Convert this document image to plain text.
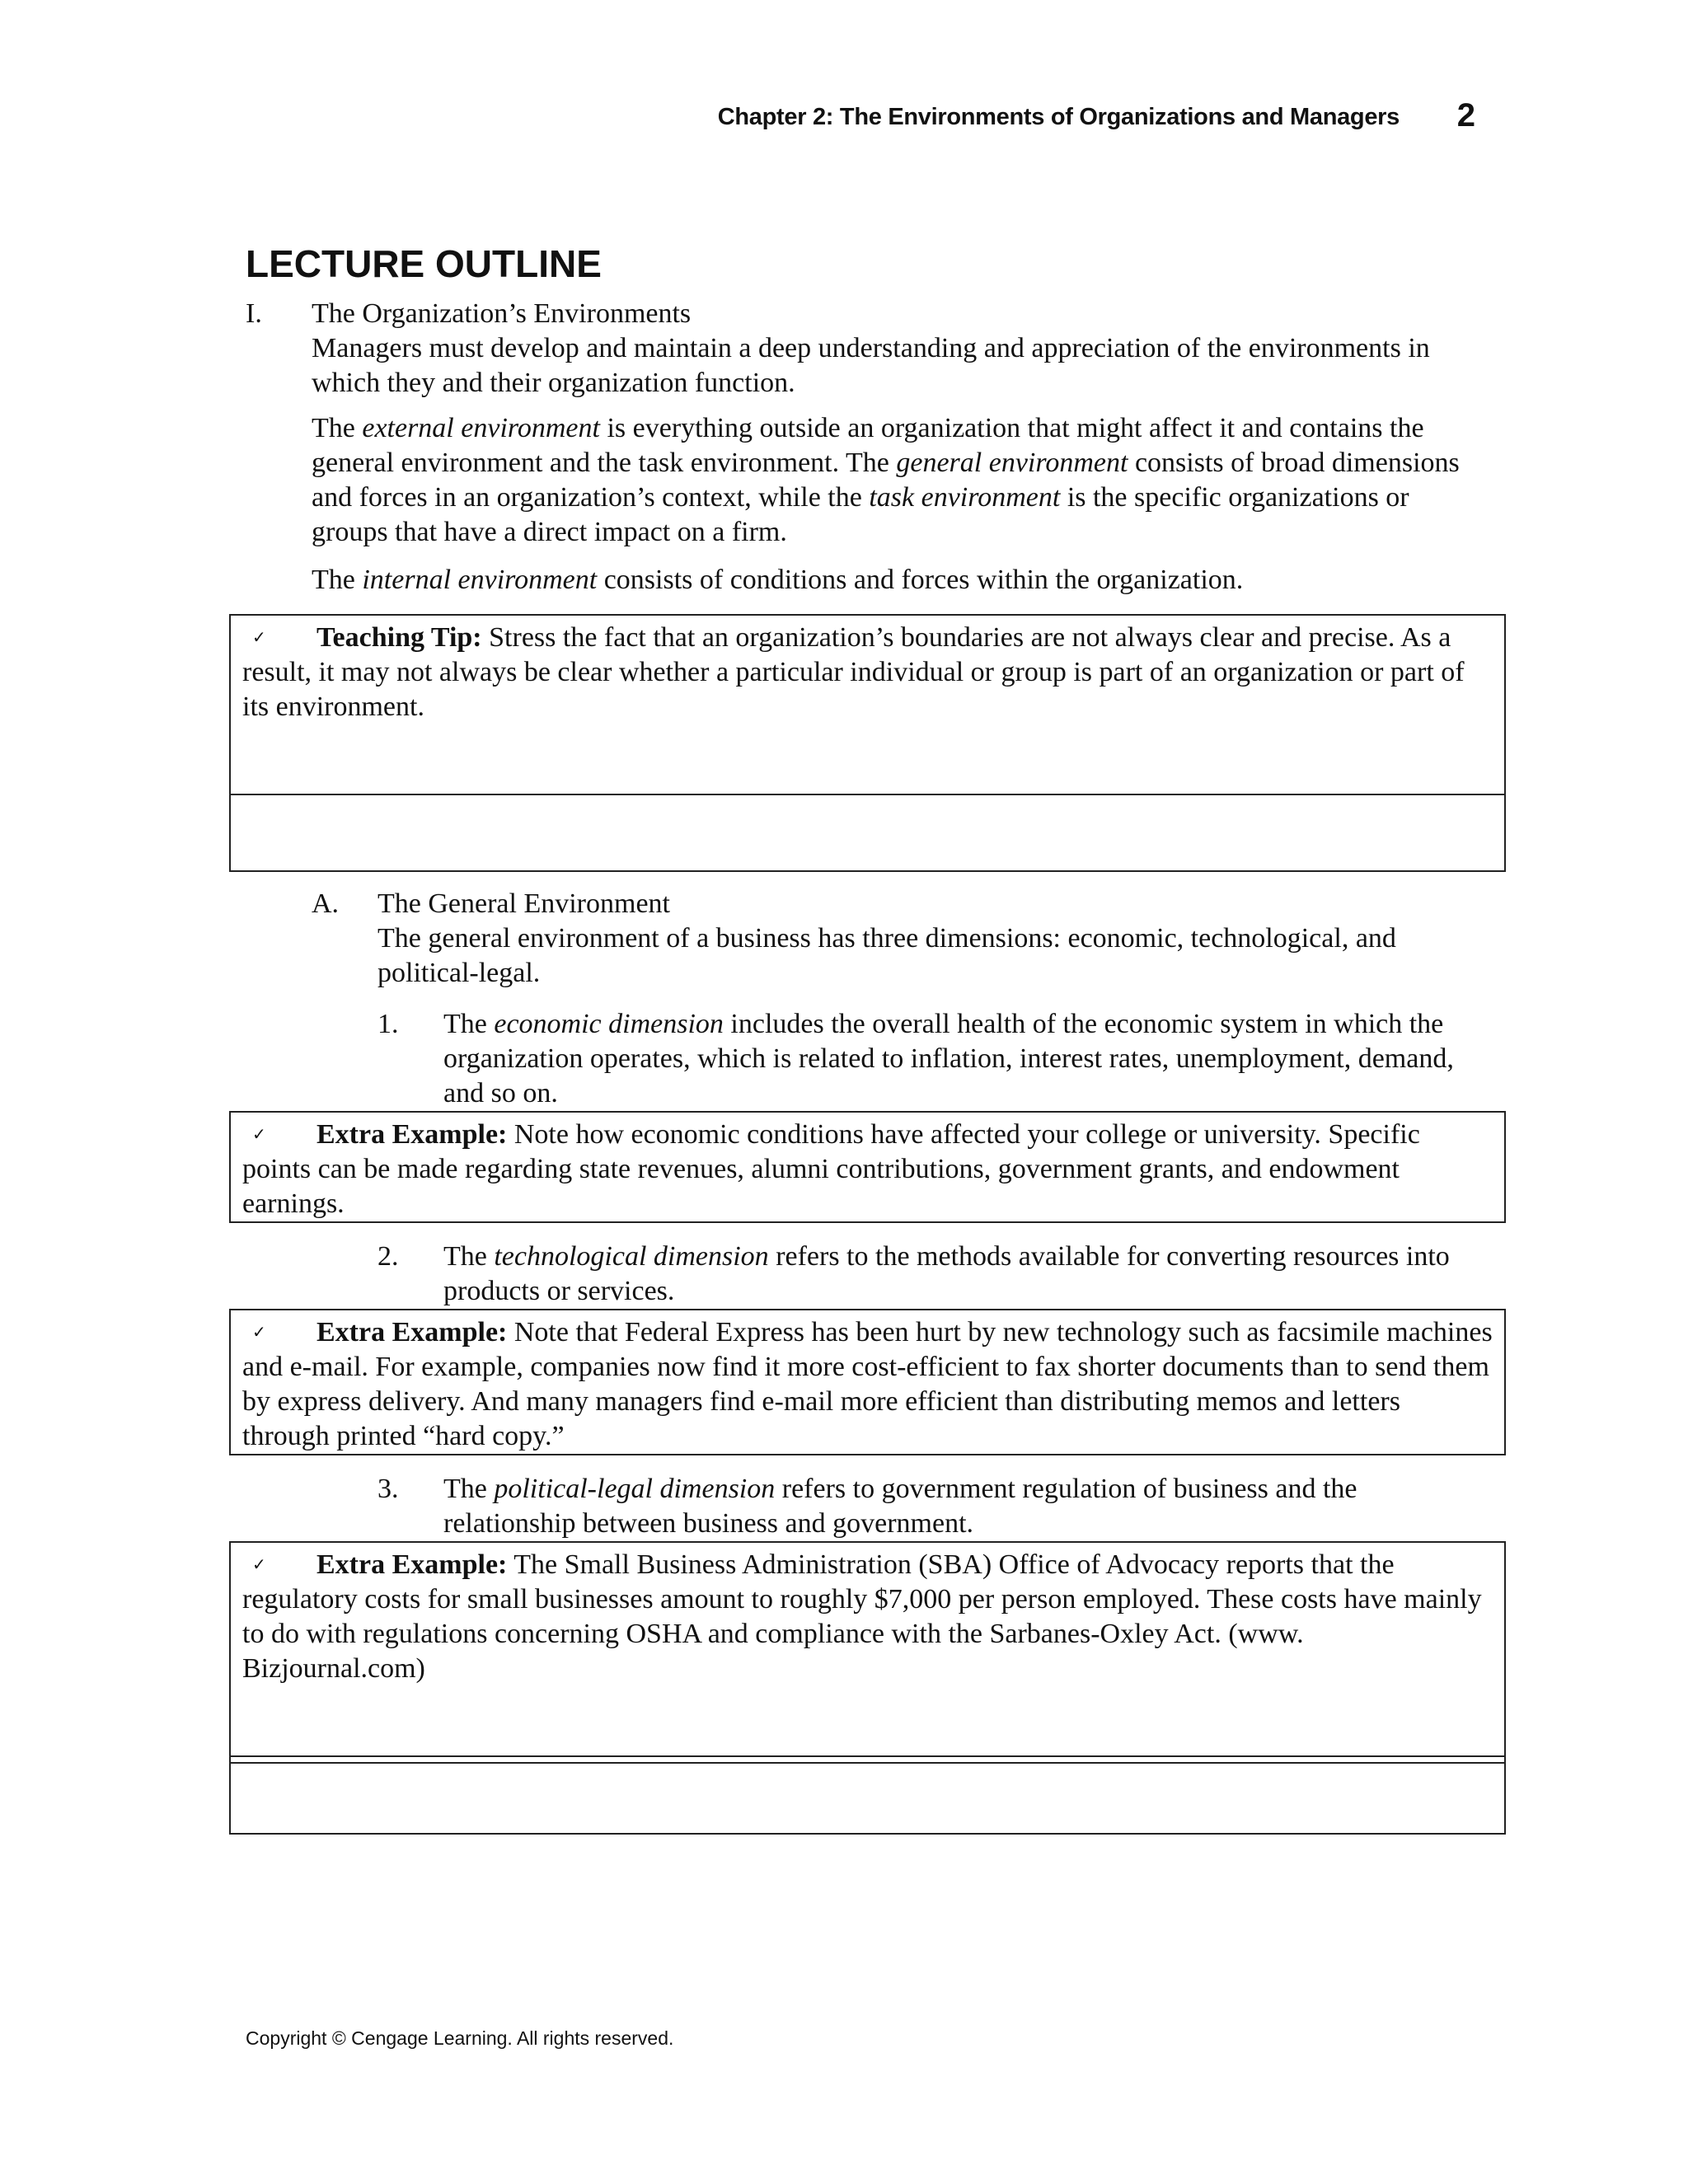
Chapter 2: The Environments of Organizations and Managers 2
LECTURE OUTLINE
I. The Organization’s Environments

Managers must develop and maintain a deep understanding and appreciation of the environments in which they and their organization function.

The external environment is everything outside an organization that might affect it and contains the general environment and the task environment. The general environment consists of broad dimensions and forces in an organization’s context, while the task environment is the specific organizations or groups that have a direct impact on a firm.

The internal environment consists of conditions and forces within the organization.

✓ Teaching Tip: Stress the fact that an organization’s boundaries are not always clear and precise. As a result, it may not always be clear whether a particular individual or group is part of an organization or part of its environment.

A. The General Environment

The general environment of a business has three dimensions: economic, technological, and political-legal.

1. The economic dimension includes the overall health of the economic system in which the organization operates, which is related to inflation, interest rates, unemployment, demand, and so on.

✓ Extra Example: Note how economic conditions have affected your college or university. Specific points can be made regarding state revenues, alumni contributions, government grants, and endowment earnings.

2. The technological dimension refers to the methods available for converting resources into products or services.

✓ Extra Example: Note that Federal Express has been hurt by new technology such as facsimile machines and e-mail. For example, companies now find it more cost-efficient to fax shorter documents than to send them by express delivery. And many managers find e-mail more efficient than distributing memos and letters through printed “hard copy.”

3. The political-legal dimension refers to government regulation of business and the relationship between business and government.

✓ Extra Example: The Small Business Administration (SBA) Office of Advocacy reports that the regulatory costs for small businesses amount to roughly $7,000 per person employed. These costs have mainly to do with regulations concerning OSHA and compliance with the Sarbanes-Oxley Act. (www. Bizjournal.com)

Copyright © Cengage Learning. All rights reserved.
